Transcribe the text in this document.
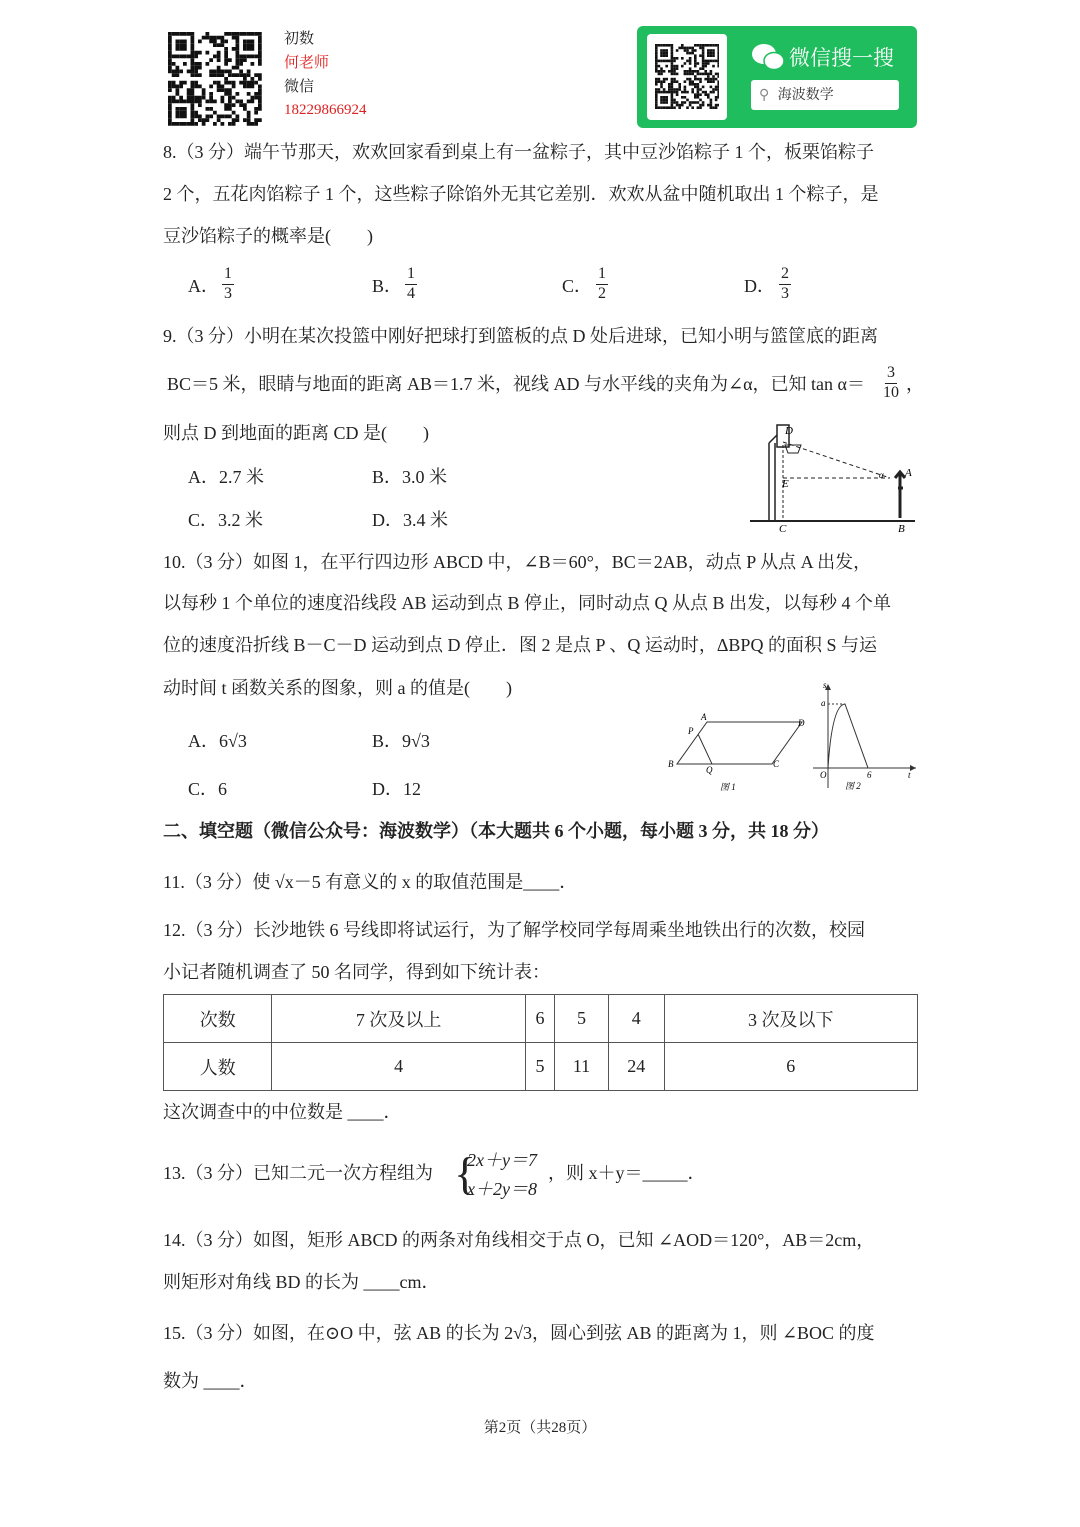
初数
何老师
微信
18229866924
微信搜一搜
⚲ 海波数学
8.（3 分）端午节那天，欢欢回家看到桌上有一盆粽子，其中豆沙馅粽子 1 个，板栗馅粽子
2 个，五花肉馅粽子 1 个，这些粽子除馅外无其它差别．欢欢从盆中随机取出 1 个粽子，是
豆沙馅粽子的概率是(　　)
A． $\frac{1}{3}$	B． $\frac{1}{4}$	C． $\frac{1}{2}$	D． $\frac{2}{3}$
9.（3 分）小明在某次投篮中刚好把球打到篮板的点 D 处后进球，已知小明与篮筐底的距离
BC＝5 米，眼睛与地面的距离 AB＝1.7 米，视线 AD 与水平线的夹角为∠α，已知 $\tan \alpha= \frac{3}{10}$ ，
则点 D 到地面的距离 CD 是(　　)
A．2.7 米	B．3.0 米
C．3.2 米	D．3.4 米
D
E
C	B
A
α
10.（3 分）如图 1，在平行四边形 ABCD 中，∠B＝60°，BC＝2AB，动点 P 从点 A 出发，
以每秒 1 个单位的速度沿线段 AB 运动到点 B 停止，同时动点 Q 从点 B 出发，以每秒 4 个单
位的速度沿折线 B－C－D 运动到点 D 停止．图 2 是点 P 、Q 运动时，ΔBPQ 的面积 S 与运
动时间 t 函数关系的图象，则 a 的值是(　　)
A．6√3	B．9√3
C．6	D．12
A
D
P
B
Q
C
图 1
s
a
O	6	t
图 2
二、填空题（微信公众号：海波数学）（本大题共 6 个小题，每小题 3 分，共 18 分）
11.（3 分）使 √x－5 有意义的 x 的取值范围是____．
12.（3 分）长沙地铁 6 号线即将试运行，为了解学校同学每周乘坐地铁出行的次数，校园
小记者随机调查了 50 名同学，得到如下统计表：
次数	7 次及以上	6	5	4	3 次及以下
人数	4	5	11	24	6
这次调查中的中位数是 ____．
13.（3 分）已知二元一次方程组为 {
2x＋y＝7
x＋2y＝8
，则 x＋y＝_____．
14.（3 分）如图，矩形 ABCD 的两条对角线相交于点 O，已知 ∠AOD＝120°，AB＝2cm，
则矩形对角线 BD 的长为 ____cm．
15.（3 分）如图，在⊙O 中，弦 AB 的长为 2√3，圆心到弦 AB 的距离为 1，则 ∠BOC 的度
数为 ____．
第2页（共28页）
